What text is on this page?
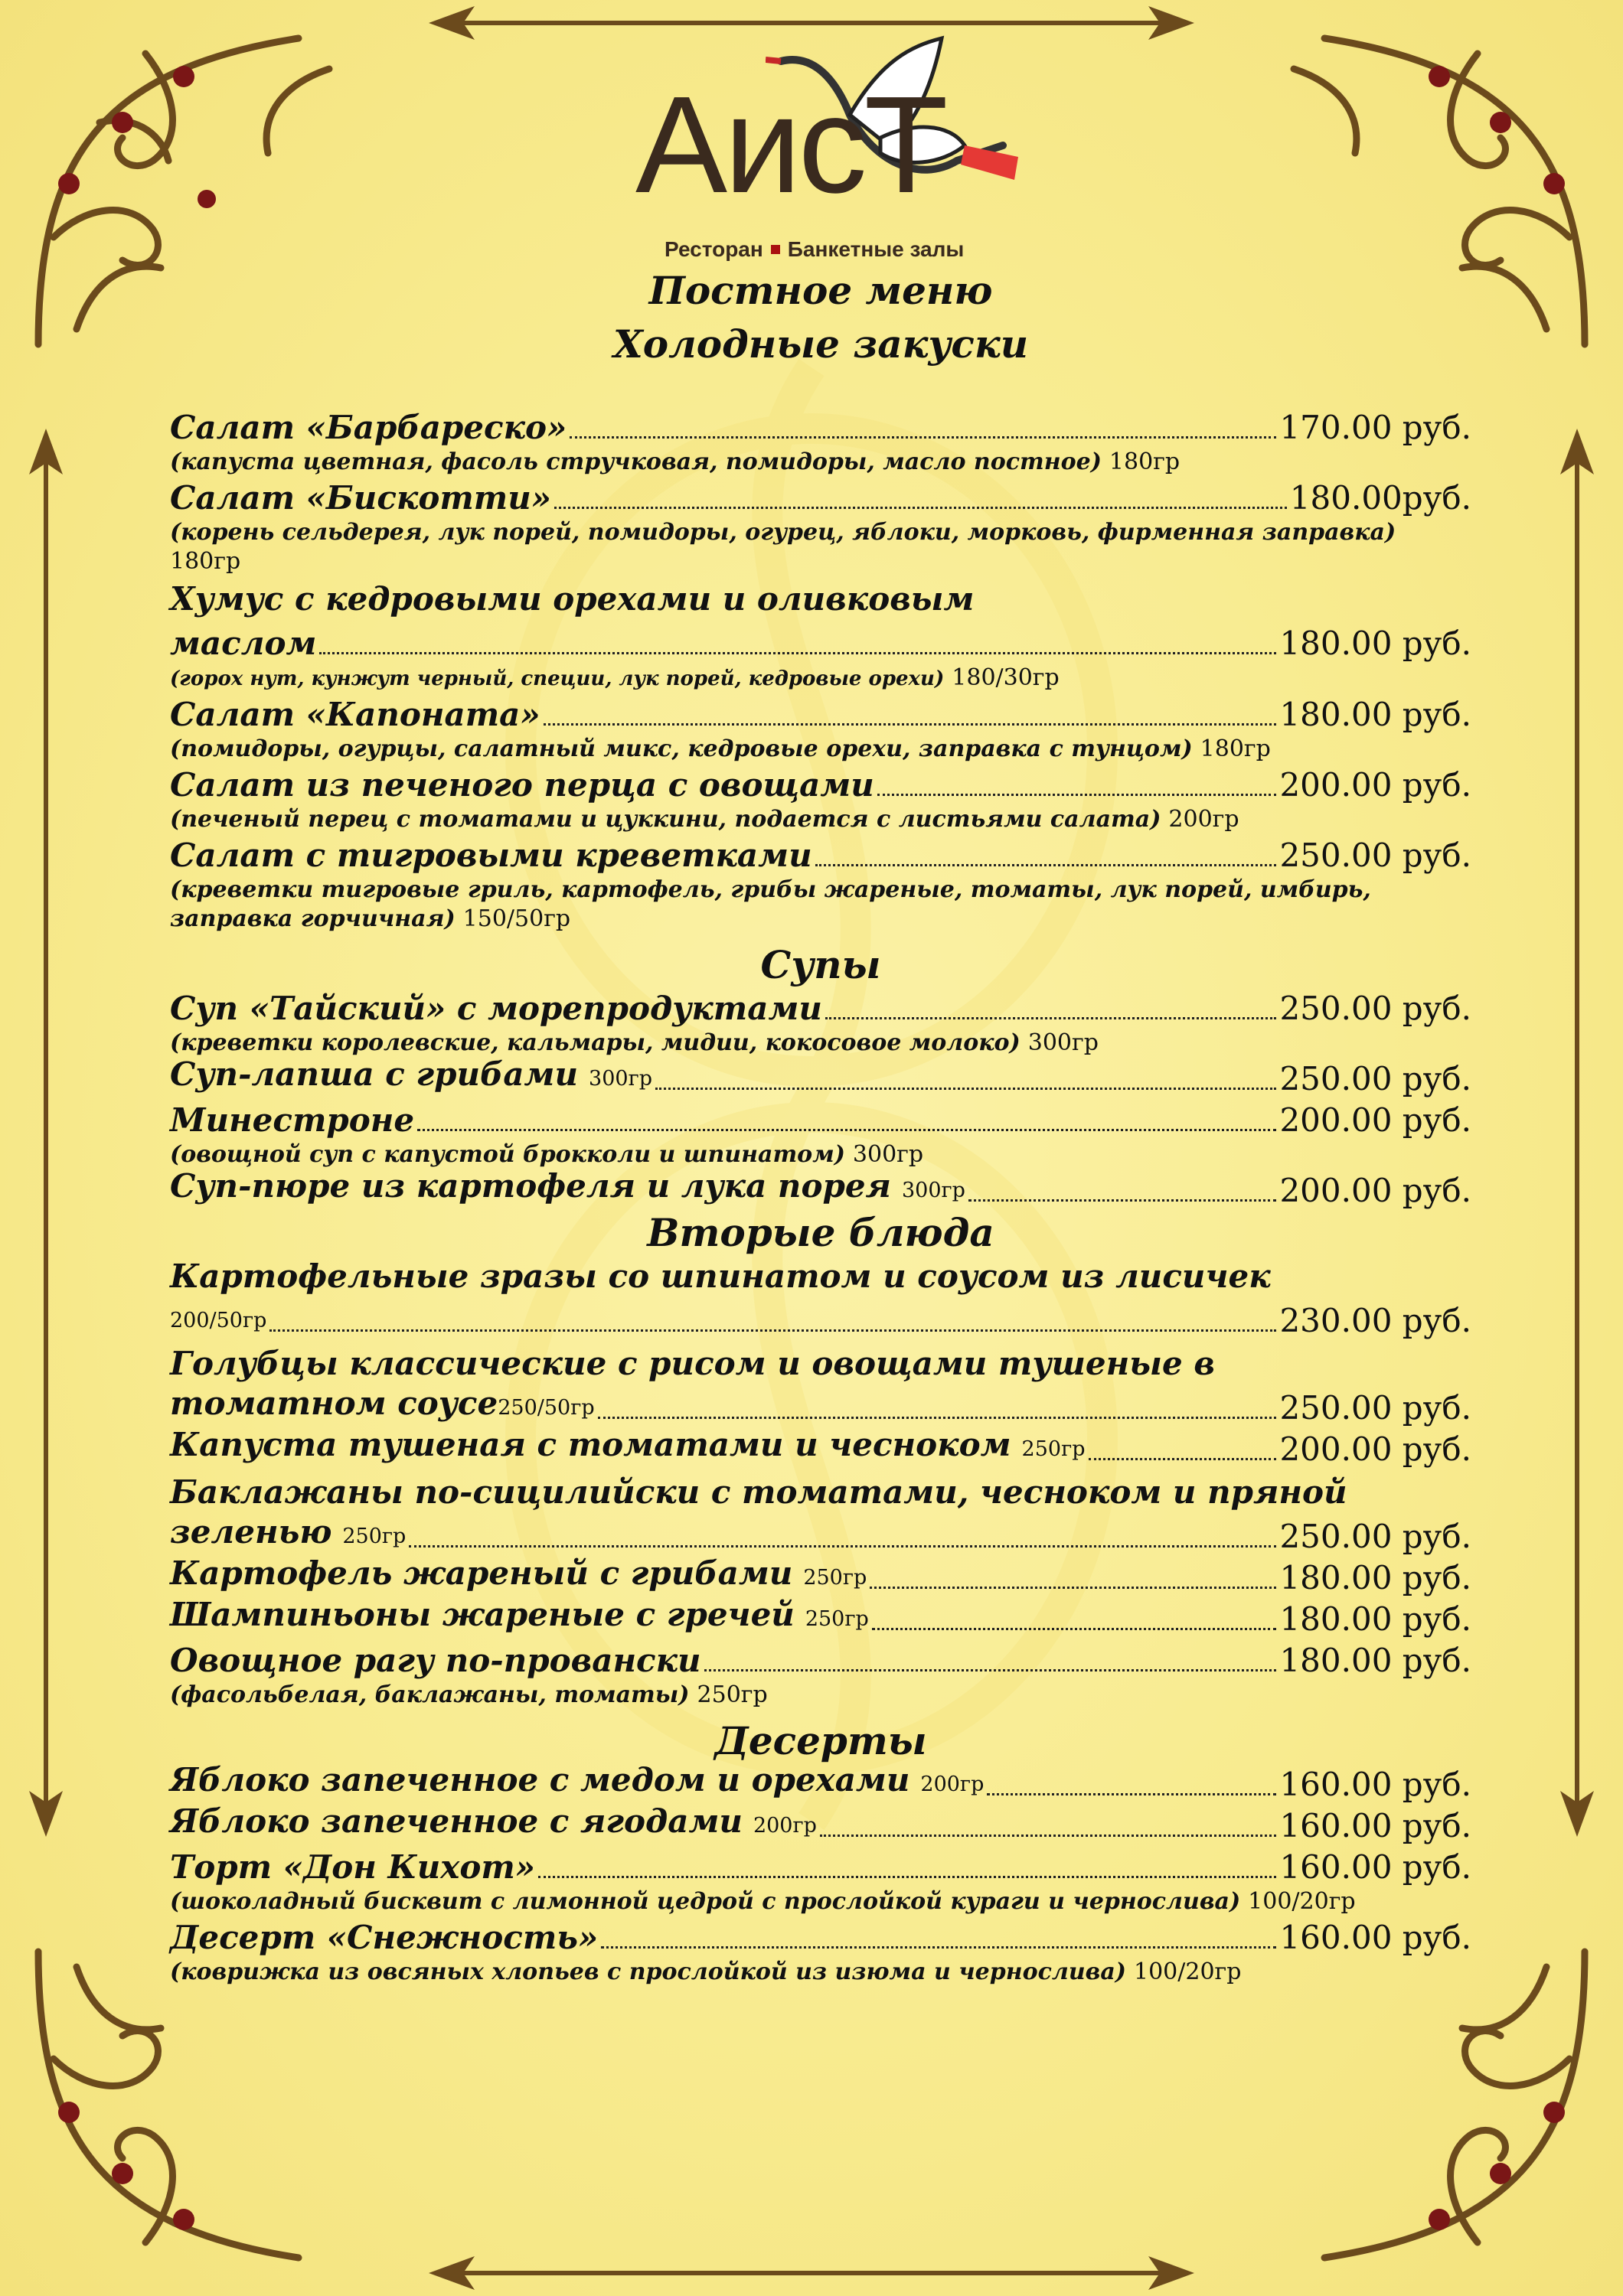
АисТ
Ресторан Банкетные залы
Постное меню
Холодные закуски
Салат «Барбареско»	170.00 руб.
(капуста цветная, фасоль стручковая, помидоры, масло постное) 180гр
Салат «Бискотти»	180.00руб.
(корень сельдерея, лук порей, помидоры, огурец, яблоки, морковь, фирменная заправка)
180гр
Хумус с кедровыми орехами и оливковым
маслом	180.00 руб.
(горох нут, кунжут черный, специи, лук порей, кедровые орехи) 180/30гр
Салат «Капоната»	180.00 руб.
(помидоры, огурцы, салатный микс, кедровые орехи, заправка с тунцом) 180гр
Салат из печеного перца с овощами	200.00 руб.
(печеный перец с томатами и цуккини, подается с листьями салата) 200гр
Салат с тигровыми креветками	250.00 руб.
(креветки тигровые гриль, картофель, грибы жареные, томаты, лук порей, имбирь, заправка горчичная) 150/50гр
Супы
Суп «Тайский» с морепродуктами	250.00 руб.
(креветки королевские, кальмары, мидии, кокосовое молоко) 300гр
Суп-лапша с грибами 300гр	250.00 руб.
Минестроне	200.00 руб.
(овощной суп с капустой брокколи и шпинатом) 300гр
Суп-пюре из картофеля и лука порея 300гр	200.00 руб.
Вторые блюда
Картофельные зразы со шпинатом и соусом из лисичек
200/50гр	230.00 руб.
Голубцы классические с рисом и овощами тушеные в
томатном соусе250/50гр	250.00 руб.
Капуста тушеная с томатами и чесноком 250гр	200.00 руб.
Баклажаны по-сицилийски с томатами, чесноком и пряной
зеленью 250гр	250.00 руб.
Картофель жареный с грибами 250гр	180.00 руб.
Шампиньоны жареные с гречей 250гр	180.00 руб.
Овощное рагу по-провански	180.00 руб.
(фасольбелая, баклажаны, томаты) 250гр
Десерты
Яблоко запеченное с медом и орехами 200гр	160.00 руб.
Яблоко запеченное с ягодами 200гр	160.00 руб.
Торт «Дон Кихот»	160.00 руб.
(шоколадный бисквит с лимонной цедрой с прослойкой кураги и чернослива) 100/20гр
Десерт «Снежность»	160.00 руб.
(коврижка из овсяных хлопьев с прослойкой из изюма и чернослива) 100/20гр
